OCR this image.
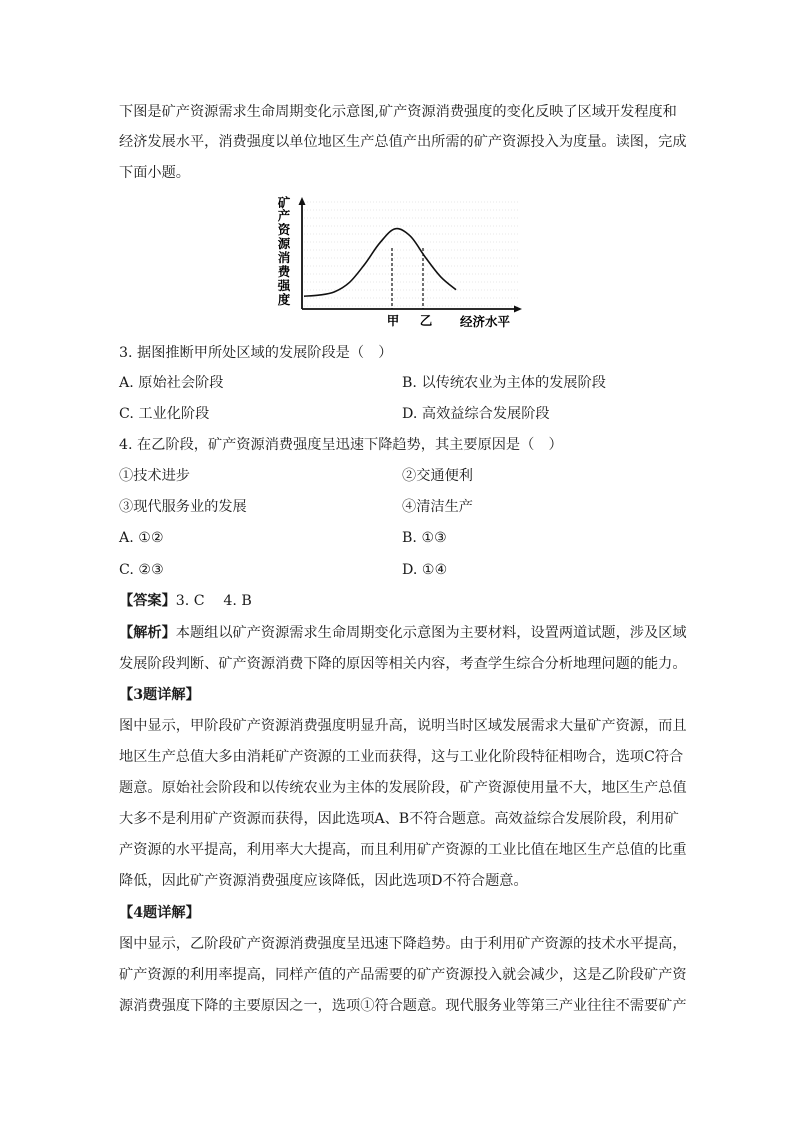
下图是矿产资源需求生命周期变化示意图,矿产资源消费强度的变化反映了区域开发程度和
经济发展水平，消费强度以单位地区生产总值产出所需的矿产资源投入为度量。读图，完成
下面小题。
矿
产
资
源
消
费
强
度
甲 乙 经济水平
3. 据图推断甲所处区域的发展阶段是（　）
A. 原始社会阶段	B. 以传统农业为主体的发展阶段
C. 工业化阶段	D. 高效益综合发展阶段
4. 在乙阶段，矿产资源消费强度呈迅速下降趋势，其主要原因是（　）
①技术进步	②交通便利
③现代服务业的发展	④清洁生产
A. ①②	B. ①③
C. ②③	D. ①④
【答案】3. C　 4. B
【解析】本题组以矿产资源需求生命周期变化示意图为主要材料，设置两道试题，涉及区域
发展阶段判断、矿产资源消费下降的原因等相关内容，考查学生综合分析地理问题的能力。
【3题详解】
图中显示，甲阶段矿产资源消费强度明显升高，说明当时区域发展需求大量矿产资源，而且
地区生产总值大多由消耗矿产资源的工业而获得，这与工业化阶段特征相吻合，选项C符合
题意。原始社会阶段和以传统农业为主体的发展阶段，矿产资源使用量不大，地区生产总值
大多不是利用矿产资源而获得，因此选项A、B不符合题意。高效益综合发展阶段，利用矿
产资源的水平提高，利用率大大提高，而且利用矿产资源的工业比值在地区生产总值的比重
降低，因此矿产资源消费强度应该降低，因此选项D不符合题意。
【4题详解】
图中显示，乙阶段矿产资源消费强度呈迅速下降趋势。由于利用矿产资源的技术水平提高，
矿产资源的利用率提高，同样产值的产品需要的矿产资源投入就会减少，这是乙阶段矿产资
源消费强度下降的主要原因之一，选项①符合题意。现代服务业等第三产业往往不需要矿产
